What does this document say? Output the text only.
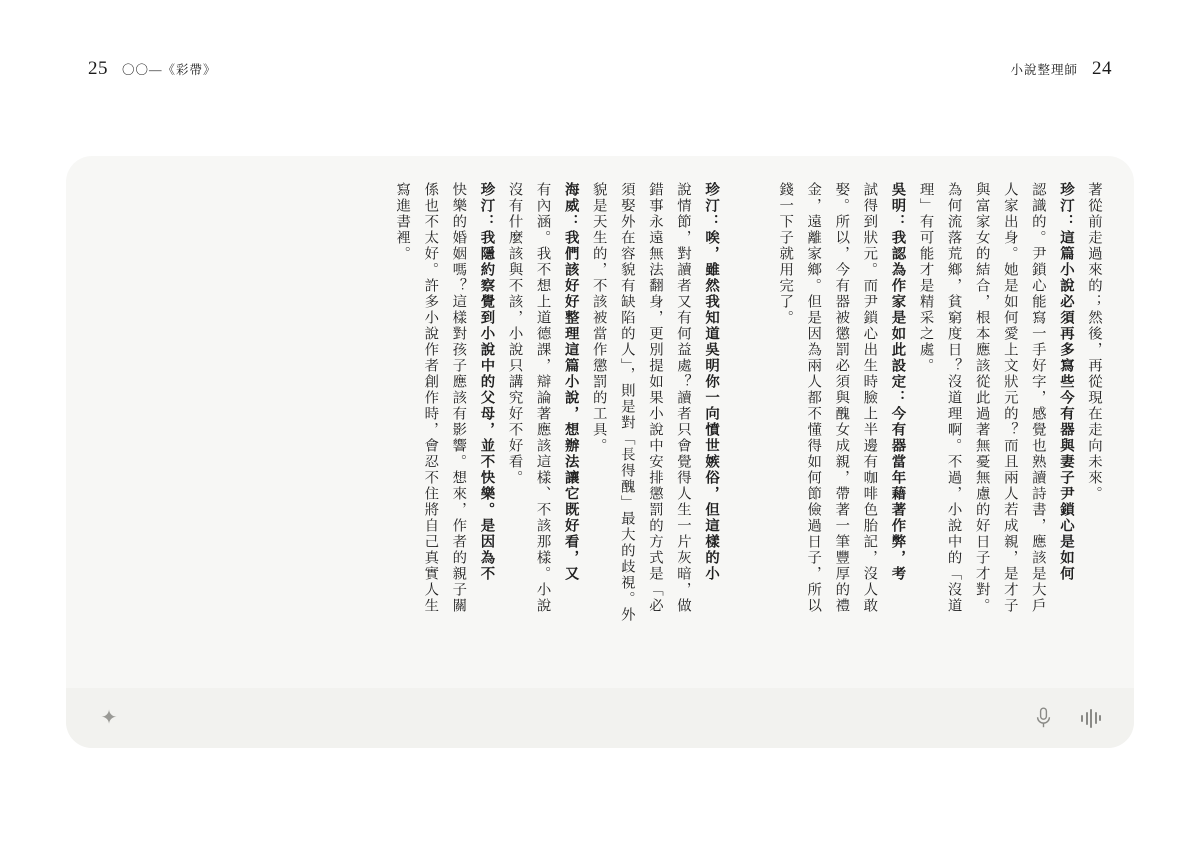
25 〇〇—《彩帶》	小說整理師 24
著從前走過來的；然後，再從現在走向未來。
珍汀：這篇小說必須再多寫些今有器與妻子尹鎖心是如何
認識的。尹鎖心能寫一手好字，感覺也熟讀詩書，應該是大戶
人家出身。她是如何愛上文狀元的？而且兩人若成親，是才子
與富家女的結合，根本應該從此過著無憂無慮的好日子才對。
為何流落荒鄉，貧窮度日？沒道理啊。不過，小說中的「沒道
理」有可能才是精采之處。
吳明：我認為作家是如此設定：今有器當年藉著作弊，考
試得到狀元。而尹鎖心出生時臉上半邊有咖啡色胎記，沒人敢
娶。所以，今有器被懲罰必須與醜女成親，帶著一筆豐厚的禮
金，遠離家鄉。但是因為兩人都不懂得如何節儉過日子，所以
錢一下子就用完了。
珍汀：唉，雖然我知道吳明你一向憤世嫉俗，但這樣的小
說情節，對讀者又有何益處？讀者只會覺得人生一片灰暗，做
錯事永遠無法翻身，更別提如果小說中安排懲罰的方式是「必
須娶外在容貌有缺陷的人」，則是對「長得醜」最大的歧視。外
貌是天生的，不該被當作懲罰的工具。
海威：我們該好好整理這篇小說，想辦法讓它既好看，又
有內涵。我不想上道德課，辯論著應該這樣、不該那樣。小說
沒有什麼該與不該，小說只講究好不好看。
珍汀：我隱約察覺到小說中的父母，並不快樂。是因為不
快樂的婚姻嗎？這樣對孩子應該有影響。想來，作者的親子關
係也不太好。許多小說作者創作時，會忍不住將自己真實人生
寫進書裡。
✦
